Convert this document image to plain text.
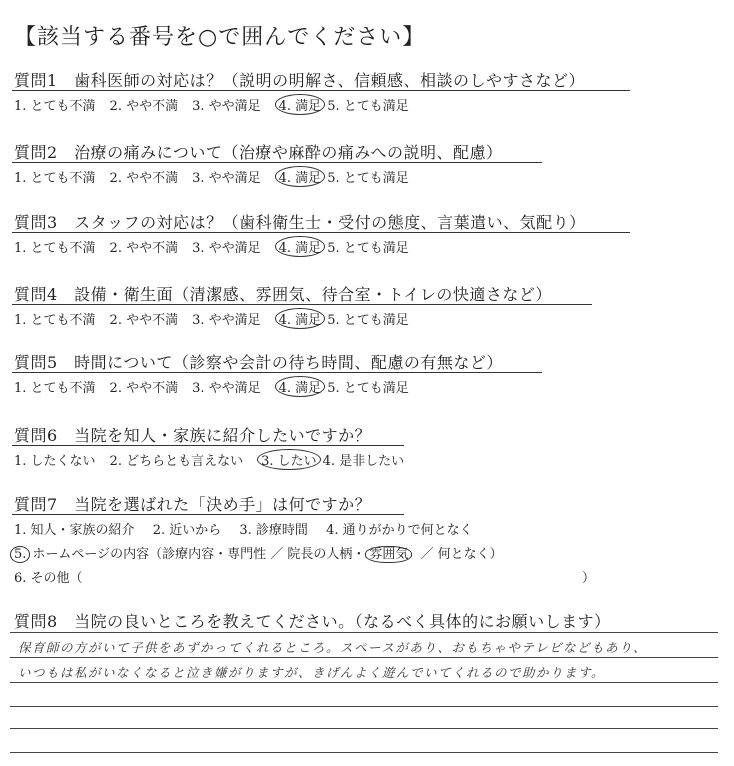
【該当する番号を○で囲んでください】
質問1　歯科医師の対応は？（説明の明解さ、信頼感、相談のしやすさなど）
1. とても不満 2. やや不満 3. やや満足 4. 満足 5. とても満足
質問2　治療の痛みについて（治療や麻酔の痛みへの説明、配慮）
1. とても不満 2. やや不満 3. やや満足 4. 満足 5. とても満足
質問3　スタッフの対応は？（歯科衛生士・受付の態度、言葉遣い、気配り）
1. とても不満 2. やや不満 3. やや満足 4. 満足 5. とても満足
質問4　設備・衛生面（清潔感、雰囲気、待合室・トイレの快適さなど）
1. とても不満 2. やや不満 3. やや満足 4. 満足 5. とても満足
質問5　時間について（診察や会計の待ち時間、配慮の有無など）
1. とても不満 2. やや不満 3. やや満足 4. 満足 5. とても満足
質問6　当院を知人・家族に紹介したいですか？
1. したくない 2. どちらとも言えない 3. したい 4. 是非したい
質問7　当院を選ばれた「決め手」は何ですか？
1. 知人・家族の紹介 2. 近いから 3. 診療時間 4. 通りがかりで何となく
5. ホームページの内容（診療内容・専門性 ／ 院長の人柄・ 雰囲気 ／ 何となく）
6. その他（	）
質問8　当院の良いところを教えてください。（なるべく具体的にお願いします）
保育師の方がいて子供をあずかってくれるところ。スペースがあり、おもちゃやテレビなどもあり、
いつもは私がいなくなると泣き嫌がりますが、きげんよく遊んでいてくれるので助かります。
